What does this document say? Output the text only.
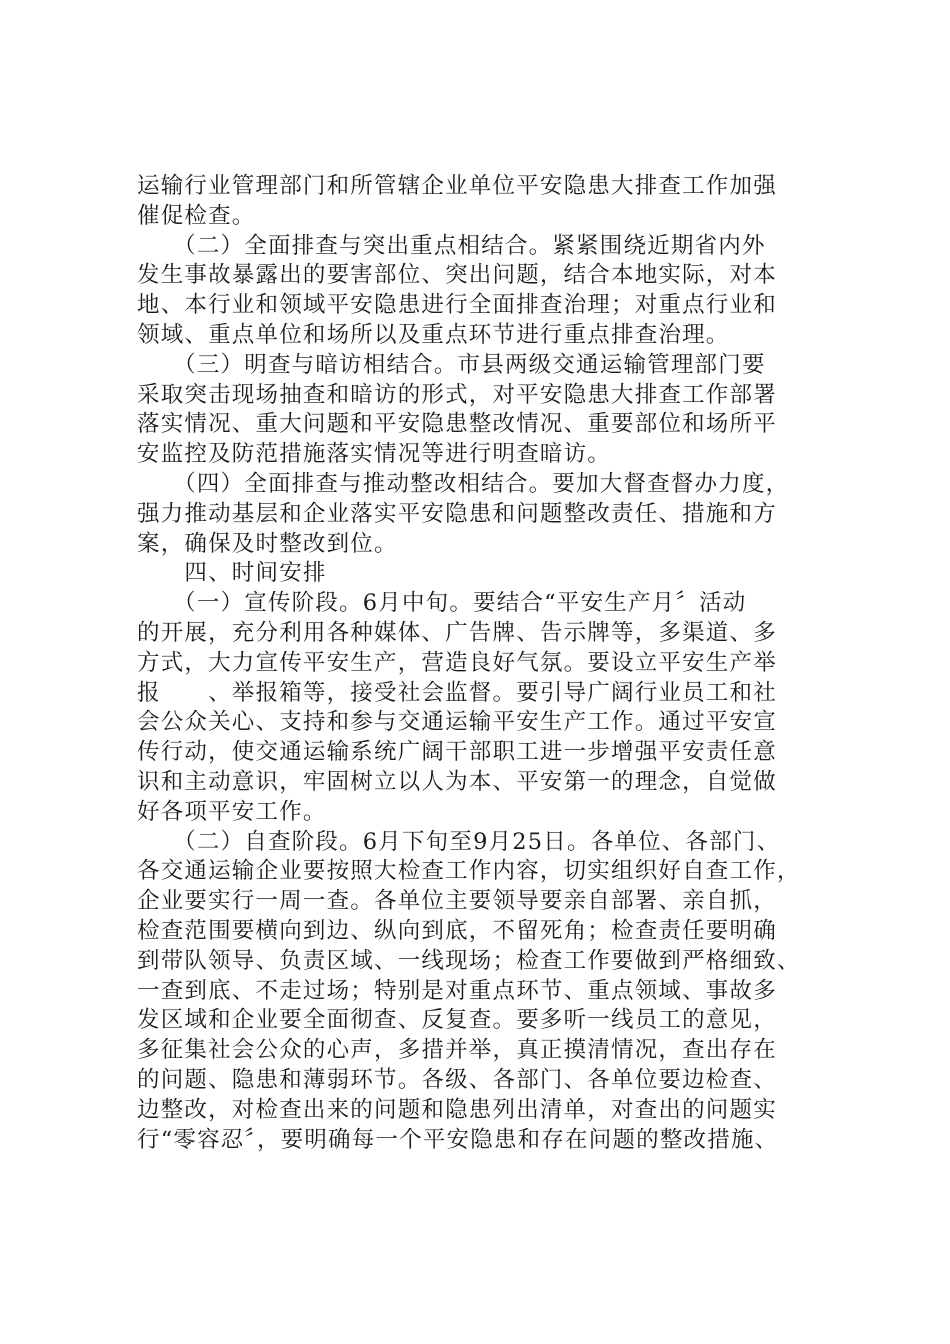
运输行业管理部门和所管辖企业单位平安隐患大排查工作加强
催促检查。
　　（二）全面排查与突出重点相结合。紧紧围绕近期省内外
发生事故暴露出的要害部位、突出问题，结合本地实际，对本
地、本行业和领域平安隐患进行全面排查治理；对重点行业和
领域、重点单位和场所以及重点环节进行重点排查治理。
　　（三）明查与暗访相结合。市县两级交通运输管理部门要
采取突击现场抽查和暗访的形式，对平安隐患大排查工作部署
落实情况、重大问题和平安隐患整改情况、重要部位和场所平
安监控及防范措施落实情况等进行明查暗访。
　　（四）全面排查与推动整改相结合。要加大督查督办力度，
强力推动基层和企业落实平安隐患和问题整改责任、措施和方
案，确保及时整改到位。
　　四、时间安排
　　（一）宣传阶段。6月中旬。要结合“平安生产月〞活动
的开展，充分利用各种媒体、广告牌、告示牌等，多渠道、多
方式，大力宣传平安生产，营造良好气氛。要设立平安生产举
报　　、举报箱等，接受社会监督。要引导广阔行业员工和社
会公众关心、支持和参与交通运输平安生产工作。通过平安宣
传行动，使交通运输系统广阔干部职工进一步增强平安责任意
识和主动意识，牢固树立以人为本、平安第一的理念，自觉做
好各项平安工作。
　　（二）自查阶段。6月下旬至9月25日。各单位、各部门、
各交通运输企业要按照大检查工作内容，切实组织好自查工作，
企业要实行一周一查。各单位主要领导要亲自部署、亲自抓，
检查范围要横向到边、纵向到底，不留死角；检查责任要明确
到带队领导、负责区域、一线现场；检查工作要做到严格细致、
一查到底、不走过场；特别是对重点环节、重点领域、事故多
发区域和企业要全面彻查、反复查。要多听一线员工的意见，
多征集社会公众的心声，多措并举，真正摸清情况，查出存在
的问题、隐患和薄弱环节。各级、各部门、各单位要边检查、
边整改，对检查出来的问题和隐患列出清单，对查出的问题实
行“零容忍〞，要明确每一个平安隐患和存在问题的整改措施、
